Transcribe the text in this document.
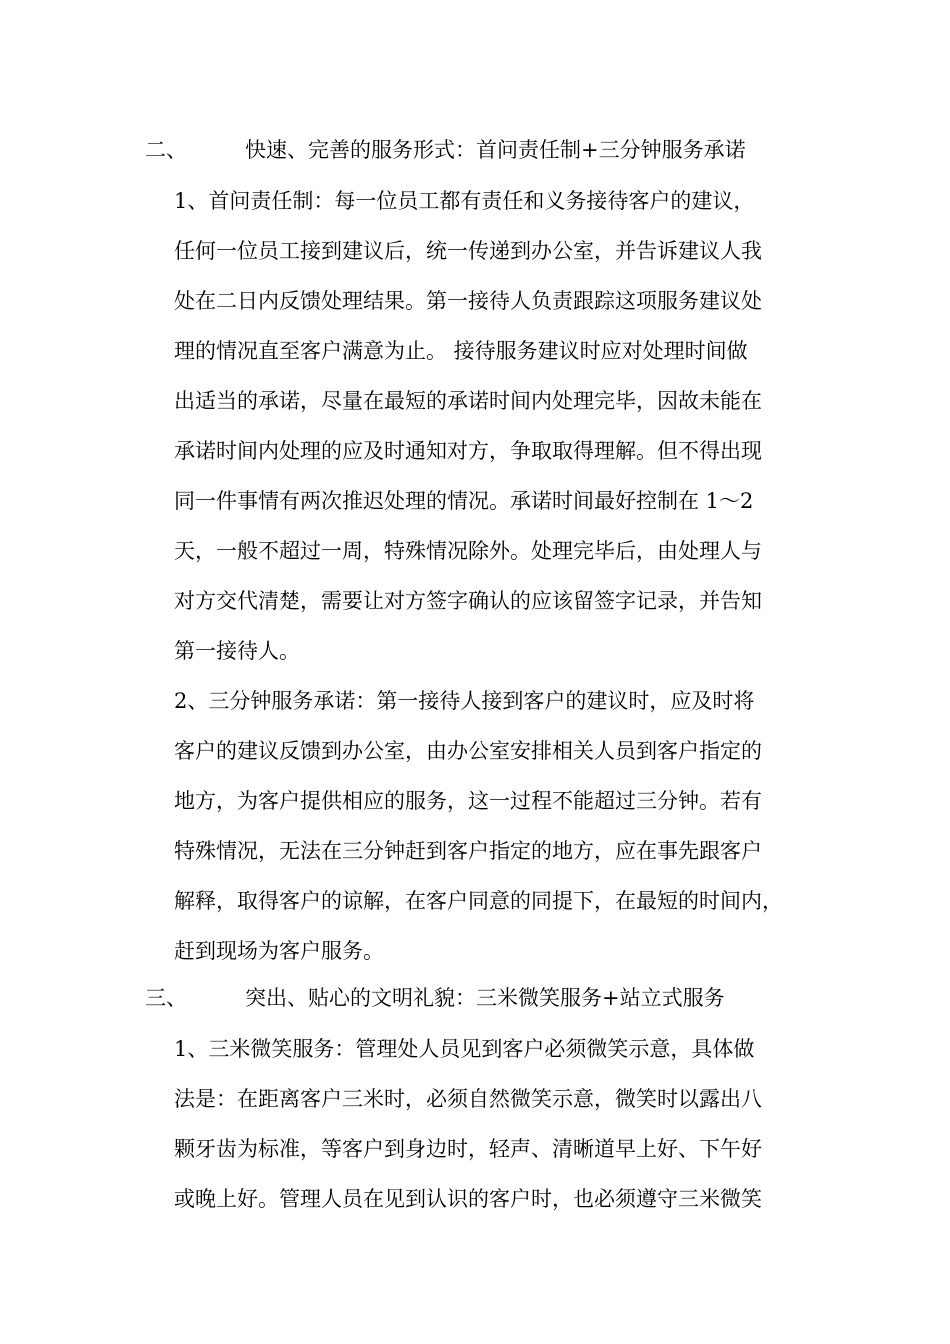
二、	快速、完善的服务形式：首问责任制+三分钟服务承诺
1、首问责任制：每一位员工都有责任和义务接待客户的建议，
任何一位员工接到建议后，统一传递到办公室，并告诉建议人我
处在二日内反馈处理结果。第一接待人负责跟踪这项服务建议处
理的情况直至客户满意为止。 接待服务建议时应对处理时间做
出适当的承诺，尽量在最短的承诺时间内处理完毕，因故未能在
承诺时间内处理的应及时通知对方，争取取得理解。但不得出现
同一件事情有两次推迟处理的情况。承诺时间最好控制在 1～2
天，一般不超过一周，特殊情况除外。处理完毕后，由处理人与
对方交代清楚，需要让对方签字确认的应该留签字记录，并告知
第一接待人。
2、三分钟服务承诺：第一接待人接到客户的建议时，应及时将
客户的建议反馈到办公室，由办公室安排相关人员到客户指定的
地方，为客户提供相应的服务，这一过程不能超过三分钟。若有
特殊情况，无法在三分钟赶到客户指定的地方，应在事先跟客户
解释，取得客户的谅解，在客户同意的同提下，在最短的时间内，
赶到现场为客户服务。
三、	突出、贴心的文明礼貌：三米微笑服务+站立式服务
1、三米微笑服务：管理处人员见到客户必须微笑示意，具体做
法是：在距离客户三米时，必须自然微笑示意，微笑时以露出八
颗牙齿为标准，等客户到身边时，轻声、清晰道早上好、下午好
或晚上好。管理人员在见到认识的客户时，也必须遵守三米微笑
